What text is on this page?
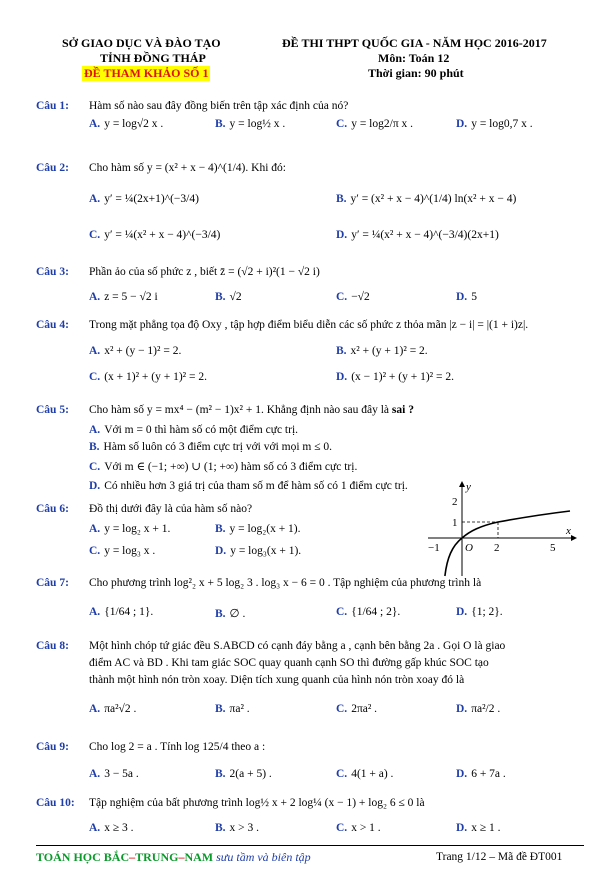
SỞ GIAO DỤC VÀ ĐÀO TẠO
TỈNH ĐỒNG THÁP
ĐỀ THAM KHẢO SỐ 1
ĐỀ THI THPT QUỐC GIA - NĂM HỌC 2016-2017
Môn: Toán 12
Thời gian: 90 phút
Câu 1: Hàm số nào sau đây đồng biến trên tập xác định của nó?
A. y = log√2 x .	B. y = log½ x .	C. y = log2/π x .	D. y = log0,7 x .
Câu 2: Cho hàm số y = (x² + x − 4)^(1/4). Khi đó:
A. y′ = ¼(2x+1)^(−3/4)	B. y′ = (x² + x − 4)^(1/4) ln(x² + x − 4)
C. y′ = ¼(x² + x − 4)^(−3/4)	D. y′ = ¼(x² + x − 4)^(−3/4)(2x+1)
Câu 3: Phần ảo của số phức z , biết z̄ = (√2 + i)²(1 − √2 i)
A. z = 5 − √2 i	B. √2	C. −√2	D. 5
Câu 4: Trong mặt phẳng tọa độ Oxy , tập hợp điểm biểu diễn các số phức z thỏa mãn |z − i| = |(1 + i)z|.
A. x² + (y − 1)² = 2.	B. x² + (y + 1)² = 2.
C. (x + 1)² + (y + 1)² = 2.	D. (x − 1)² + (y + 1)² = 2.
Câu 5: Cho hàm số y = mx⁴ − (m² − 1)x² + 1. Khẳng định nào sau đây là sai ?
A. Với m = 0 thì hàm số có một điểm cực trị.
B. Hàm số luôn có 3 điểm cực trị với với mọi m ≤ 0.
C. Với m ∈ (−1; +∞) ∪ (1; +∞) hàm số có 3 điểm cực trị.
D. Có nhiều hơn 3 giá trị của tham số m để hàm số có 1 điểm cực trị.
Câu 6: Đồ thị dưới đây là của hàm số nào?
A. y = log₂ x + 1.	B. y = log₂(x + 1).
C. y = log₃ x .	D. y = log₃(x + 1).
y
x
O
−1	2	5
1
2
Câu 7: Cho phương trình log²₂ x + 5 log₂ 3 . log₃ x − 6 = 0 . Tập nghiệm của phương trình là
A. {1/64 ; 1}.	B. ∅ .	C. {1/64 ; 2}.	D. {1; 2}.
Câu 8: Một hình chóp tứ giác đều S.ABCD có cạnh đáy bằng a , cạnh bên bằng 2a . Gọi O là giao
điểm AC và BD . Khi tam giác SOC quay quanh cạnh SO thì đường gấp khúc SOC tạo
thành một hình nón tròn xoay. Diện tích xung quanh của hình nón tròn xoay đó là
A. πa²√2 .	B. πa² .	C. 2πa² .	D. πa²/2 .
Câu 9: Cho log 2 = a . Tính log 125/4 theo a :
A. 3 − 5a .	B. 2(a + 5) .	C. 4(1 + a) .	D. 6 + 7a .
Câu 10: Tập nghiệm của bất phương trình log½ x + 2 log¼ (x − 1) + log₂ 6 ≤ 0 là
A. x ≥ 3 .	B. x > 3 .	C. x > 1 .	D. x ≥ 1 .
TOÁN HỌC BẮC–TRUNG–NAM sưu tầm và biên tập	Trang 1/12 – Mã đề ĐT001
